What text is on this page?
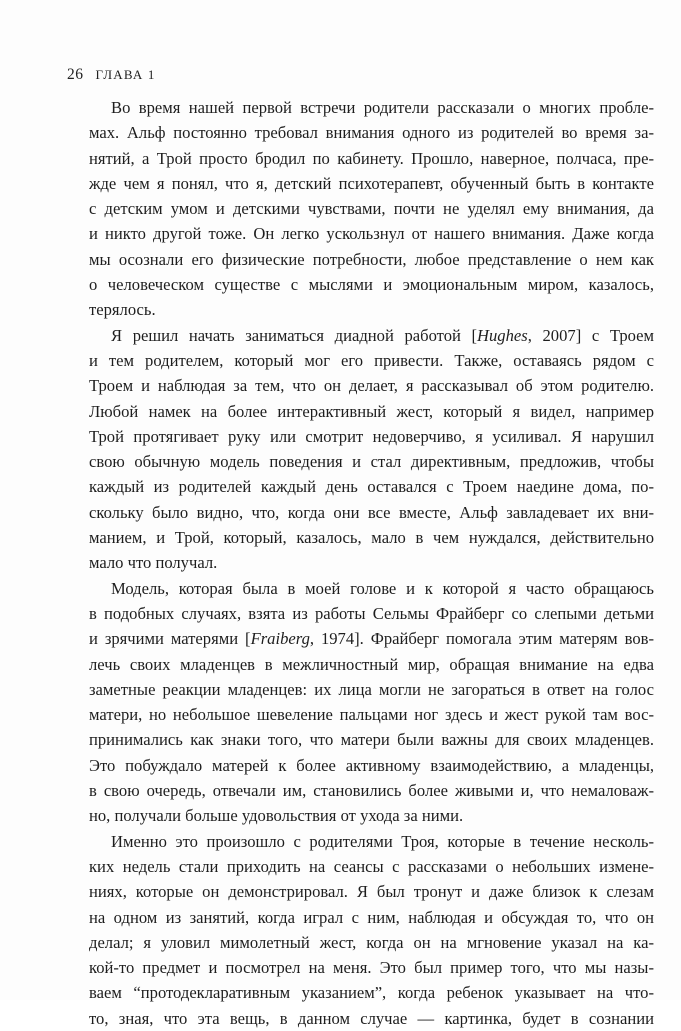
26 ГЛАВА 1
Во время нашей первой встречи родители рассказали о многих пробле-
мах. Альф постоянно требовал внимания одного из родителей во время за-
нятий, а Трой просто бродил по кабинету. Прошло, наверное, полчаса, пре-
жде чем я понял, что я, детский психотерапевт, обученный быть в контакте
с детским умом и детскими чувствами, почти не уделял ему внимания, да
и никто другой тоже. Он легко ускользнул от нашего внимания. Даже когда
мы осознали его физические потребности, любое представление о нем как
о человеческом существе с мыслями и эмоциональным миром, казалось,
терялось.
Я решил начать заниматься диадной работой [Hughes, 2007] с Троем
и тем родителем, который мог его привести. Также, оставаясь рядом с
Троем и наблюдая за тем, что он делает, я рассказывал об этом родителю.
Любой намек на более интерактивный жест, который я видел, например
Трой протягивает руку или смотрит недоверчиво, я усиливал. Я нарушил
свою обычную модель поведения и стал директивным, предложив, чтобы
каждый из родителей каждый день оставался с Троем наедине дома, по-
скольку было видно, что, когда они все вместе, Альф завладевает их вни-
манием, и Трой, который, казалось, мало в чем нуждался, действительно
мало что получал.
Модель, которая была в моей голове и к которой я часто обращаюсь
в подобных случаях, взята из работы Сельмы Фрайберг со слепыми детьми
и зрячими матерями [Fraiberg, 1974]. Фрайберг помогала этим матерям вов-
лечь своих младенцев в межличностный мир, обращая внимание на едва
заметные реакции младенцев: их лица могли не загораться в ответ на голос
матери, но небольшое шевеление пальцами ног здесь и жест рукой там вос-
принимались как знаки того, что матери были важны для своих младенцев.
Это побуждало матерей к более активному взаимодействию, а младенцы,
в свою очередь, отвечали им, становились более живыми и, что немаловаж-
но, получали больше удовольствия от ухода за ними.
Именно это произошло с родителями Троя, которые в течение несколь-
ких недель стали приходить на сеансы с рассказами о небольших измене-
ниях, которые он демонстрировал. Я был тронут и даже близок к слезам
на одном из занятий, когда играл с ним, наблюдая и обсуждая то, что он
делал; я уловил мимолетный жест, когда он на мгновение указал на ка-
кой-то предмет и посмотрел на меня. Это был пример того, что мы назы-
ваем “протодекларативным указанием”, когда ребенок указывает на что-
то, зная, что эта вещь, в данном случае — картинка, будет в сознании
